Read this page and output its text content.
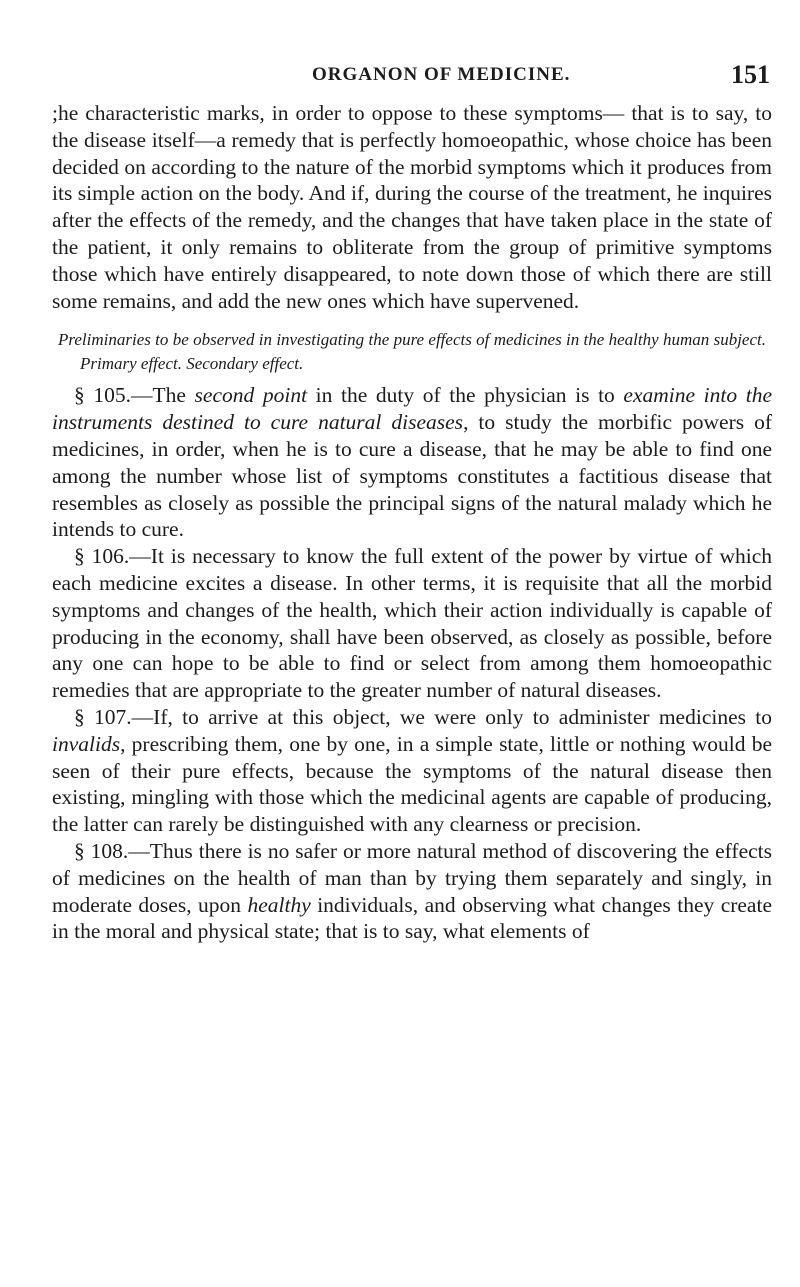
ORGANON OF MEDICINE.	151

;he characteristic marks, in order to oppose to these symptoms— that is to say, to the disease itself—a remedy that is perfectly homoeopathic, whose choice has been decided on according to the nature of the morbid symptoms which it produces from its simple action on the body. And if, during the course of the treatment, he inquires after the effects of the remedy, and the changes that have taken place in the state of the patient, it only remains to obliterate from the group of primitive symptoms those which have entirely disappeared, to note down those of which there are still some remains, and add the new ones which have supervened.

Preliminaries to be observed in investigating the pure effects of medicines in the healthy human subject. Primary effect. Secondary effect.

§ 105.—The second point in the duty of the physician is to examine into the instruments destined to cure natural diseases, to study the morbific powers of medicines, in order, when he is to cure a disease, that he may be able to find one among the number whose list of symptoms constitutes a factitious disease that resembles as closely as possible the principal signs of the natural malady which he intends to cure.

§ 106.—It is necessary to know the full extent of the power by virtue of which each medicine excites a disease. In other terms, it is requisite that all the morbid symptoms and changes of the health, which their action individually is capable of producing in the economy, shall have been observed, as closely as possible, before any one can hope to be able to find or select from among them homoeopathic remedies that are appropriate to the greater number of natural diseases.

§ 107.—If, to arrive at this object, we were only to administer medicines to invalids, prescribing them, one by one, in a simple state, little or nothing would be seen of their pure effects, because the symptoms of the natural disease then existing, mingling with those which the medicinal agents are capable of producing, the latter can rarely be distinguished with any clearness or precision.

§ 108.—Thus there is no safer or more natural method of discovering the effects of medicines on the health of man than by trying them separately and singly, in moderate doses, upon healthy individuals, and observing what changes they create in the moral and physical state; that is to say, what elements of
